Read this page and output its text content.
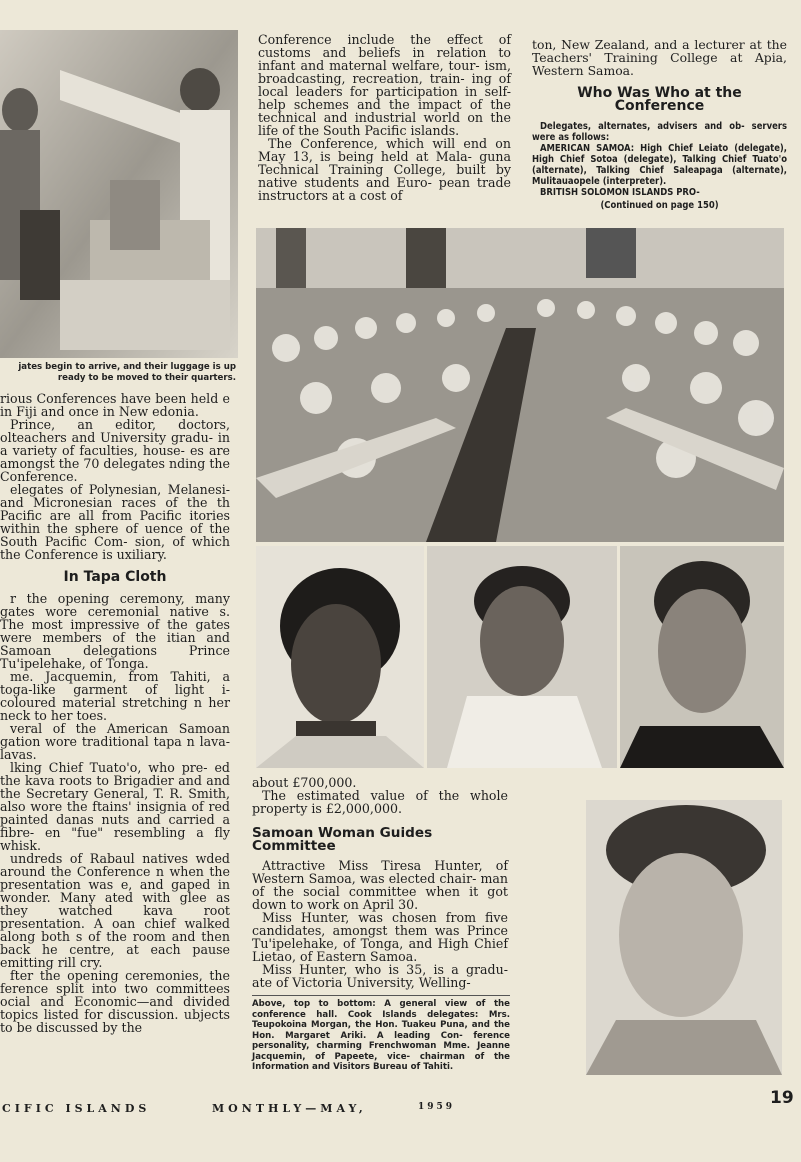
jates begin to arrive, and their luggage is up ready to be moved to their quarters.

rious Conferences have been held e in Fiji and once in New edonia.

Prince, an editor, doctors, olteachers and University gradu- in a variety of faculties, house- es are amongst the 70 delegates nding the Conference.

elegates of Polynesian, Melanesi- and Micronesian races of the th Pacific are all from Pacific itories within the sphere of uence of the South Pacific Com- sion, of which the Conference is uxiliary.

In Tapa Cloth

r the opening ceremony, many gates wore ceremonial native s. The most impressive of the gates were members of the itian and Samoan delegations Prince Tu'ipelehake, of Tonga.

me. Jacquemin, from Tahiti, a toga-like garment of light i-coloured material stretching n her neck to her toes.

veral of the American Samoan gation wore traditional tapa n lava-lavas.

lking Chief Tuato'o, who pre- ed the kava roots to Brigadier and and the Secretary General, T. R. Smith, also wore the ftains' insignia of red painted danas nuts and carried a fibre- en "fue" resembling a fly whisk.

undreds of Rabaul natives wded around the Conference n when the presentation was e, and gaped in wonder. Many ated with glee as they watched kava root presentation. A oan chief walked along both s of the room and then back he centre, at each pause emitting rill cry.

fter the opening ceremonies, the ference split into two committees ocial and Economic—and divided topics listed for discussion. ubjects to be discussed by the

Conference include the effect of customs and beliefs in relation to infant and maternal welfare, tour- ism, broadcasting, recreation, train- ing of local leaders for participation in self-help schemes and the impact of the technical and industrial world on the life of the South Pacific islands.

The Conference, which will end on May 13, is being held at Mala- guna Technical Training College, built by native students and Euro- pean trade instructors at a cost of

ton, New Zealand, and a lecturer at the Teachers' Training College at Apia, Western Samoa.

Who Was Who at the Conference

Delegates, alternates, advisers and ob- servers were as follows:

AMERICAN SAMOA: High Chief Leiato (delegate), High Chief Sotoa (delegate), Talking Chief Tuato'o (alternate), Talking Chief Saleapaga (alternate), Mulitauaopele (interpreter).

BRITISH SOLOMON ISLANDS PRO-

(Continued on page 150)

about £700,000.

The estimated value of the whole property is £2,000,000.

Samoan Woman Guides Committee

Attractive Miss Tiresa Hunter, of Western Samoa, was elected chair- man of the social committee when it got down to work on April 30.

Miss Hunter, was chosen from five candidates, amongst them was Prince Tu'ipelehake, of Tonga, and High Chief Lietao, of Eastern Samoa.

Miss Hunter, who is 35, is a gradu- ate of Victoria University, Welling-

Above, top to bottom: A general view of the conference hall. Cook Islands delegates: Mrs. Teupokoina Morgan, the Hon. Tuakeu Puna, and the Hon. Margaret Ariki. A leading Con- ference personality, charming Frenchwoman Mme. Jeanne Jacquemin, of Papeete, vice- chairman of the Information and Visitors Bureau of Tahiti.
CIFIC ISLANDS	MONTHLY—MAY,	1959	19
